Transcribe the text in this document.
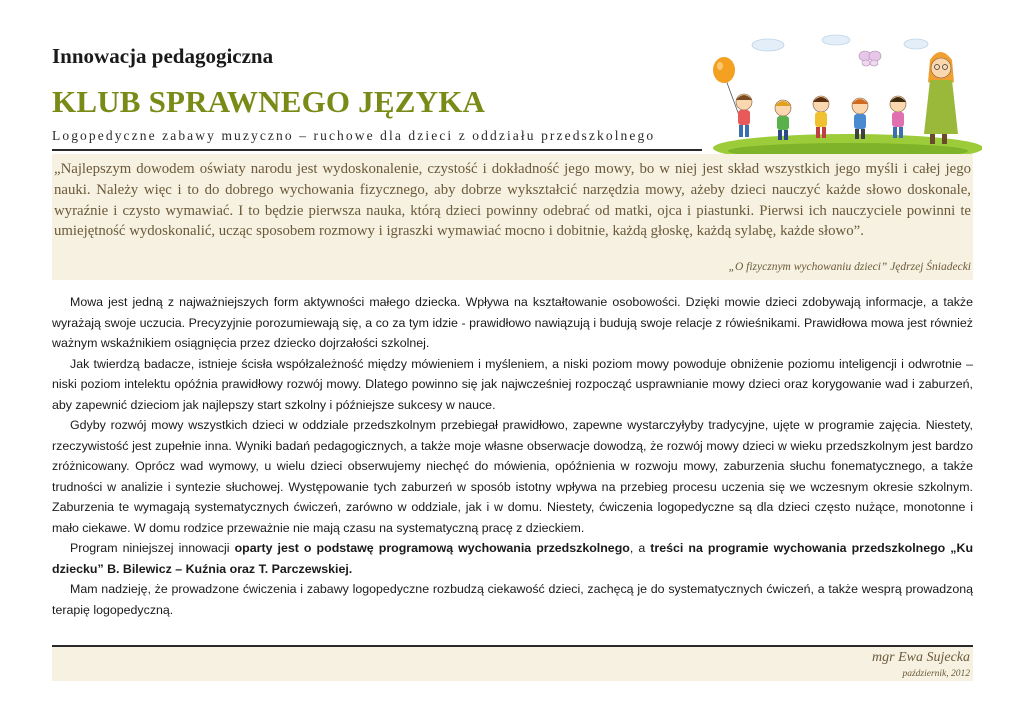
Innowacja pedagogiczna
KLUB SPRAWNEGO JĘZYKA
Logopedyczne zabawy muzyczno – ruchowe dla dzieci z oddziału przedszkolnego

„Najlepszym dowodem oświaty narodu jest wydoskonalenie, czystość i dokładność jego mowy, bo w niej jest skład wszystkich jego myśli i całej jego nauki. Należy więc i to do dobrego wychowania fizycznego, aby dobrze wykształcić narzędzia mowy, ażeby dzieci nauczyć każde słowo doskonale, wyraźnie i czysto wymawiać. I to będzie pierwsza nauka, którą dzieci powinny odebrać od matki, ojca i piastunki. Pierwsi ich nauczyciele powinni te umiejętność wydoskonalić, ucząc sposobem rozmowy i igraszki wymawiać mocno i dobitnie, każdą głoskę, każdą sylabę, każde słowo”.

„O fizycznym wychowaniu dzieci” Jędrzej Śniadecki

Mowa jest jedną z najważniejszych form aktywności małego dziecka. Wpływa na kształtowanie osobowości. Dzięki mowie dzieci zdobywają informacje, a także wyrażają swoje uczucia. Precyzyjnie porozumiewają się, a co za tym idzie - prawidłowo nawiązują i budują swoje relacje z rówieśnikami. Prawidłowa mowa jest również ważnym wskaźnikiem osiągnięcia przez dziecko dojrzałości szkolnej.

Jak twierdzą badacze, istnieje ścisła współzależność między mówieniem i myśleniem, a niski poziom mowy powoduje obniżenie poziomu inteligencji i odwrotnie – niski poziom intelektu opóźnia prawidłowy rozwój mowy. Dlatego powinno się jak najwcześniej rozpocząć usprawnianie mowy dzieci oraz korygowanie wad i zaburzeń, aby zapewnić dzieciom jak najlepszy start szkolny i późniejsze sukcesy w nauce.

Gdyby rozwój mowy wszystkich dzieci w oddziale przedszkolnym przebiegał prawidłowo, zapewne wystarczyłyby tradycyjne, ujęte w programie zajęcia. Niestety, rzeczywistość jest zupełnie inna. Wyniki badań pedagogicznych, a także moje własne obserwacje dowodzą, że rozwój mowy dzieci w wieku przedszkolnym jest bardzo zróżnicowany. Oprócz wad wymowy, u wielu dzieci obserwujemy niechęć do mówienia, opóźnienia w rozwoju mowy, zaburzenia słuchu fonematycznego, a także trudności w analizie i syntezie słuchowej. Występowanie tych zaburzeń w sposób istotny wpływa na przebieg procesu uczenia się we wczesnym okresie szkolnym. Zaburzenia te wymagają systematycznych ćwiczeń, zarówno w oddziale, jak i w domu. Niestety, ćwiczenia logopedyczne są dla dzieci często nużące, monotonne i mało ciekawe. W domu rodzice przeważnie nie mają czasu na systematyczną pracę z dzieckiem.

Program niniejszej innowacji oparty jest o podstawę programową wychowania przedszkolnego, a treści na programie wychowania przedszkolnego „Ku dziecku” B. Bilewicz – Kuźnia oraz T. Parczewskiej.

Mam nadzieję, że prowadzone ćwiczenia i zabawy logopedyczne rozbudzą ciekawość dzieci, zachęcą je do systematycznych ćwiczeń, a także wesprą prowadzoną terapię logopedyczną.

mgr Ewa Sujecka
październik, 2012
